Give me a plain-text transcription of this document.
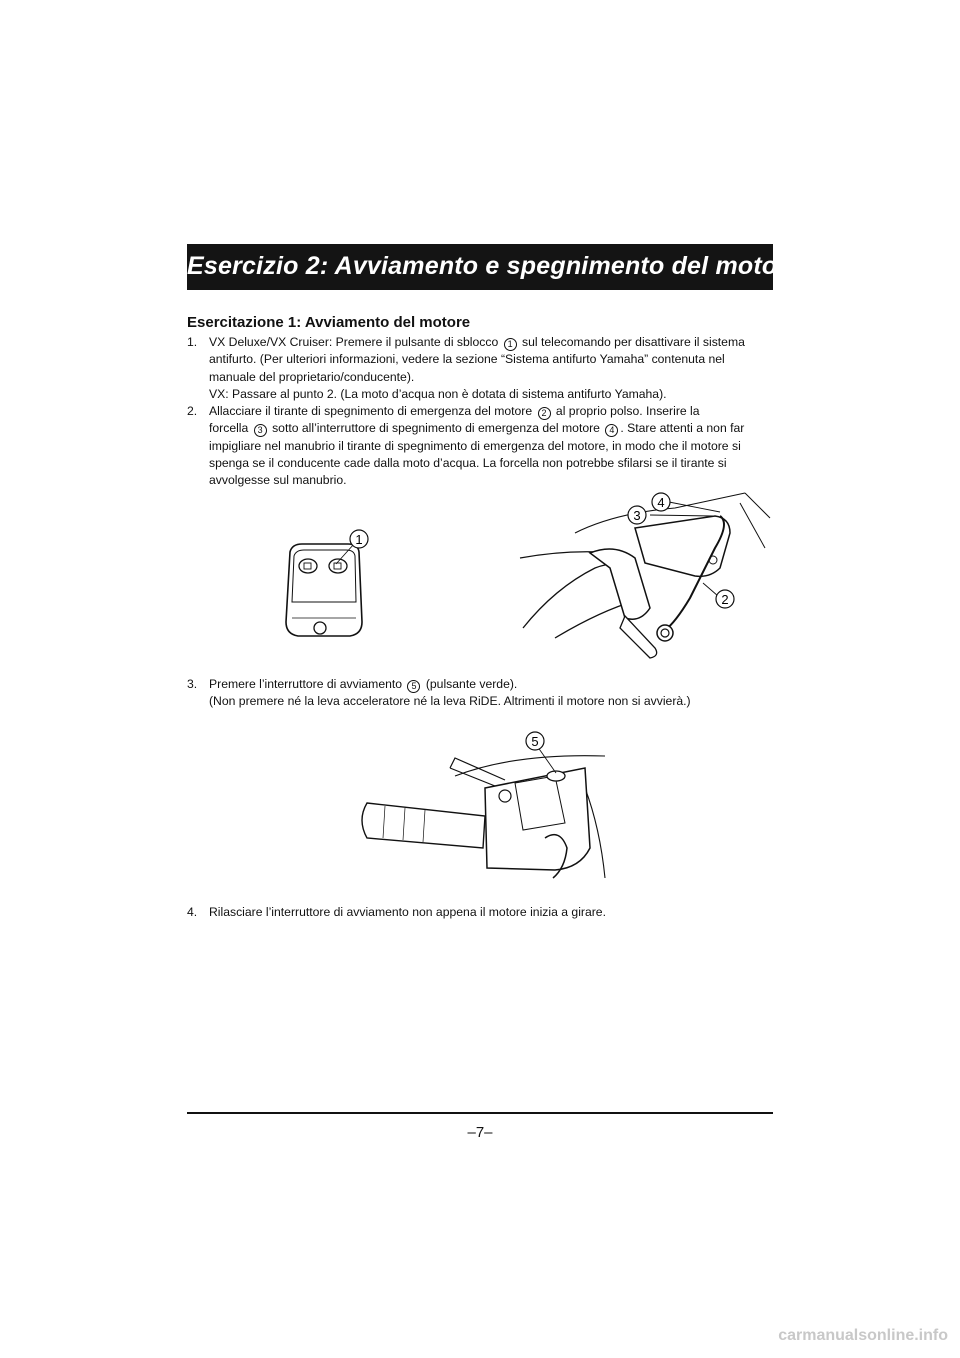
Esercizio 2: Avviamento e spegnimento del motore
Esercitazione 1: Avviamento del motore
1. VX Deluxe/VX Cruiser: Premere il pulsante di sblocco 1 sul telecomando per disattivare il sistema
antifurto. (Per ulteriori informazioni, vedere la sezione “Sistema antifurto Yamaha” contenuta nel
manuale del proprietario/conducente).
VX: Passare al punto 2. (La moto d’acqua non è dotata di sistema antifurto Yamaha).
2. Allacciare il tirante di spegnimento di emergenza del motore 2 al proprio polso. Inserire la
forcella 3 sotto all’interruttore di spegnimento di emergenza del motore 4 . Stare attenti a non far
impigliare nel manubrio il tirante di spegnimento di emergenza del motore, in modo che il motore si
spenga se il conducente cade dalla moto d’acqua. La forcella non potrebbe sfilarsi se il tirante si
avvolgesse sul manubrio.
1
3
4
2
3. Premere l’interruttore di avviamento 5 (pulsante verde).
(Non premere né la leva acceleratore né la leva RiDE. Altrimenti il motore non si avvierà.)
5
4. Rilasciare l’interruttore di avviamento non appena il motore inizia a girare.
–7–
carmanualsonline.info
